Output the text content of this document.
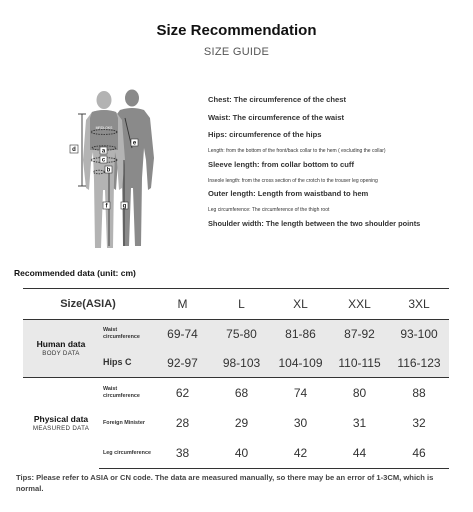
Size Recommendation
SIZE GUIDE
MRDLOKS
d	a
c
b
e
f	g

Chest: The circumference of the chest

Waist: The circumference of the waist

Hips: circumference of the hips

Length: from the bottom of the front/back collar to the hem ( excluding the collar)

Sleeve length: from collar bottom to cuff

Inseole length: from the cross section of the crotch to the trouser leg opening

Outer length: Length from waistband to hem

Leg circumference: The circumference of the thigh root

Shoulder width: The length between the two shoulder points

Recommended data (unit: cm)
Size(ASIA)		M	L	XL	XXL	3XL

Human data
BODY DATA	Waist circumference	69-74	75-80	81-86	87-92	93-100
	Hips C	92-97	98-103	104-109	110-115	116-123

Physical data
MEASURED DATA	Waist circumference	62	68	74	80	88
	Foreign Minister	28	29	30	31	32
	Leg circumference	38	40	42	44	46
Tips: Please refer to ASIA or CN code. The data are measured manually, so there may be an error of 1-3CM, which is normal.
